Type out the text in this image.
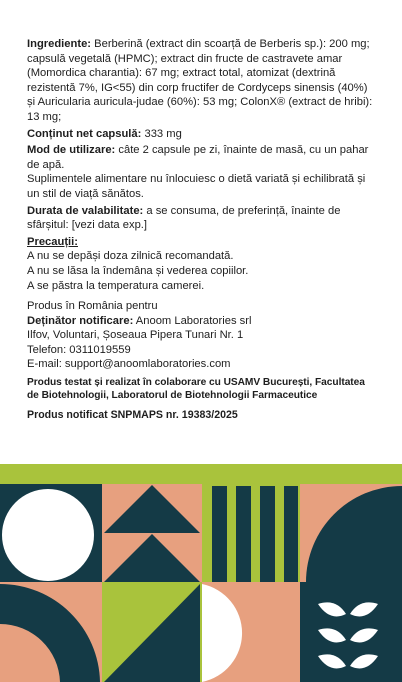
Ingrediente: Berberină (extract din scoarță de Berberis sp.): 200 mg; capsulă vegetală (HPMC); extract din fructe de castravete amar (Momordica charantia): 67 mg; extract total, atomizat (dextrină rezistentă 7%, IG<55) din corp fructifer de Cordyceps sinensis (40%) și Auricularia auricula-judae (60%): 53 mg; ColonX® (extract de hribi): 13 mg;

Conținut net capsulă: 333 mg

Mod de utilizare: câte 2 capsule pe zi, înainte de masă, cu un pahar de apă.

Suplimentele alimentare nu înlocuiesc o dietă variată și echilibrată și un stil de viață sănătos.

Durata de valabilitate: a se consuma, de preferință, înainte de sfârșitul: [vezi data exp.]

Precauții:

A nu se depăși doza zilnică recomandată.

A nu se lăsa la îndemâna și vederea copiilor.

A se păstra la temperatura camerei.

Produs în România pentru

Deținător notificare: Anoom Laboratories srl

Ilfov, Voluntari, Șoseaua Pipera Tunari Nr. 1

Telefon: 0311019559

E-mail: support@anoomlaboratories.com

Produs testat și realizat în colaborare cu USAMV București, Facultatea de Biotehnologii, Laboratorul de Biotehnologii Farmaceutice

Produs notificat SNPMAPS nr. 19383/2025
